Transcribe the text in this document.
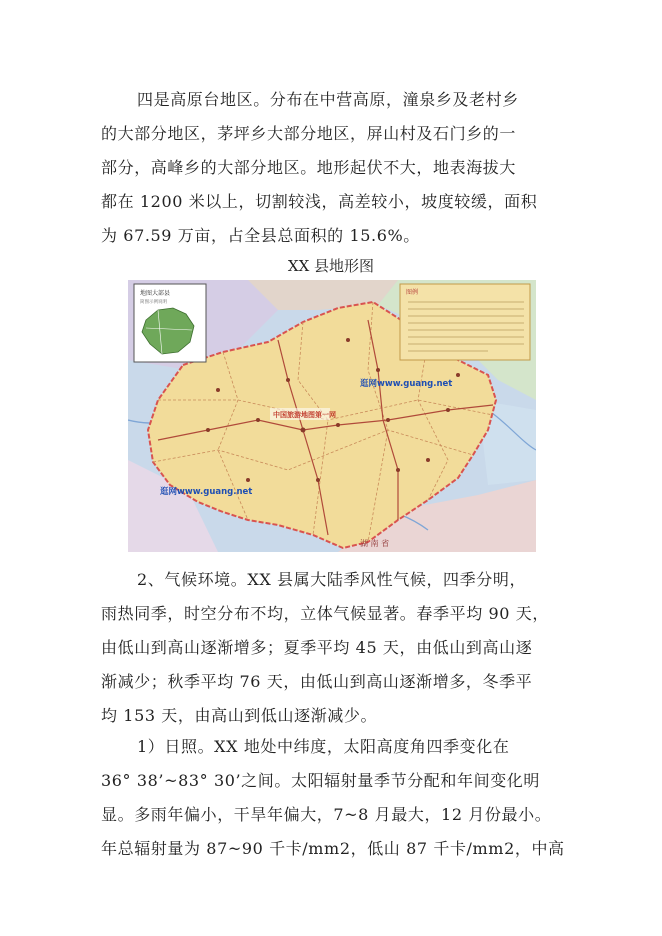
四是高原台地区。分布在中营高原，潼泉乡及老村乡
的大部分地区，茅坪乡大部分地区，屏山村及石门乡的一
部分，高峰乡的大部分地区。地形起伏不大，地表海拔大
都在 1200 米以上，切割较浅，高差较小，坡度较缓，面积
为 67.59 万亩，占全县总面积的 15.6%。
XX 县地形图
地图大部县
简图示例说明
图例
逛网www.guang.net
逛网www.guang.net
中国旅游地图第一网
湖 南 省
2、气候环境。XX 县属大陆季风性气候，四季分明，
雨热同季，时空分布不均，立体气候显著。春季平均 90 天，
由低山到高山逐渐增多；夏季平均 45 天，由低山到高山逐
渐减少；秋季平均 76 天，由低山到高山逐渐增多，冬季平
均 153 天，由高山到低山逐渐减少。
1）日照。XX 地处中纬度，太阳高度角四季变化在
36° 38’~83° 30’之间。太阳辐射量季节分配和年间变化明
显。多雨年偏小，干旱年偏大，7~8 月最大，12 月份最小。
年总辐射量为 87~90 千卡/mm2，低山 87 千卡/mm2，中高
